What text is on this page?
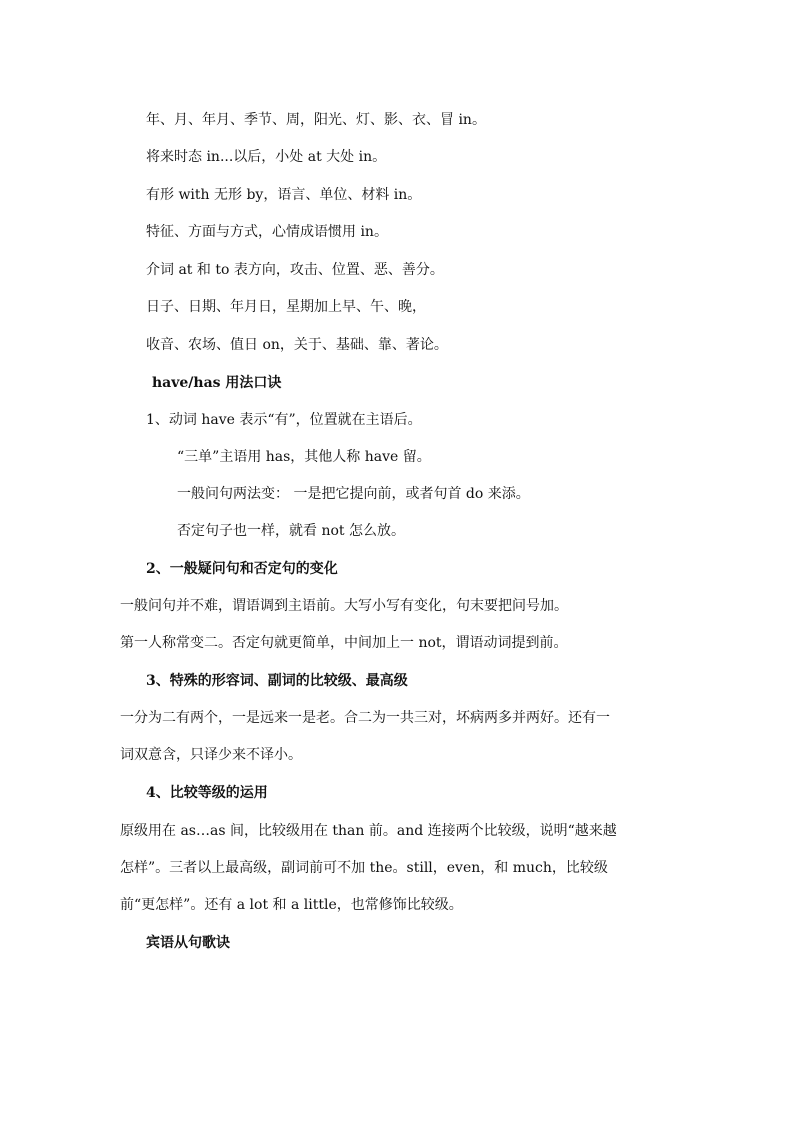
年、月、年月、季节、周，阳光、灯、影、衣、冒 in。

将来时态 in...以后，小处 at 大处 in。

有形 with 无形 by，语言、单位、材料 in。

特征、方面与方式，心情成语惯用 in。

介词 at 和 to 表方向，攻击、位置、恶、善分。

日子、日期、年月日，星期加上早、午、晚，

收音、农场、值日 on，关于、基础、靠、著论。

have/has 用法口诀

1、动词 have 表示“有”，位置就在主语后。

“三单”主语用 has，其他人称 have 留。

一般问句两法变： 一是把它提向前，或者句首 do 来添。

否定句子也一样，就看 not 怎么放。

2、一般疑问句和否定句的变化

一般问句并不难，谓语调到主语前。大写小写有变化，句末要把问号加。

第一人称常变二。否定句就更简单，中间加上一 not，谓语动词提到前。

3、特殊的形容词、副词的比较级、最高级

一分为二有两个，一是远来一是老。合二为一共三对，坏病两多并两好。还有一

词双意含，只译少来不译小。

4、比较等级的运用

原级用在 as…as 间，比较级用在 than 前。and 连接两个比较级，说明“越来越

怎样”。三者以上最高级，副词前可不加 the。still，even，和 much，比较级

前“更怎样”。还有 a lot 和 a little，也常修饰比较级。

宾语从句歌诀
